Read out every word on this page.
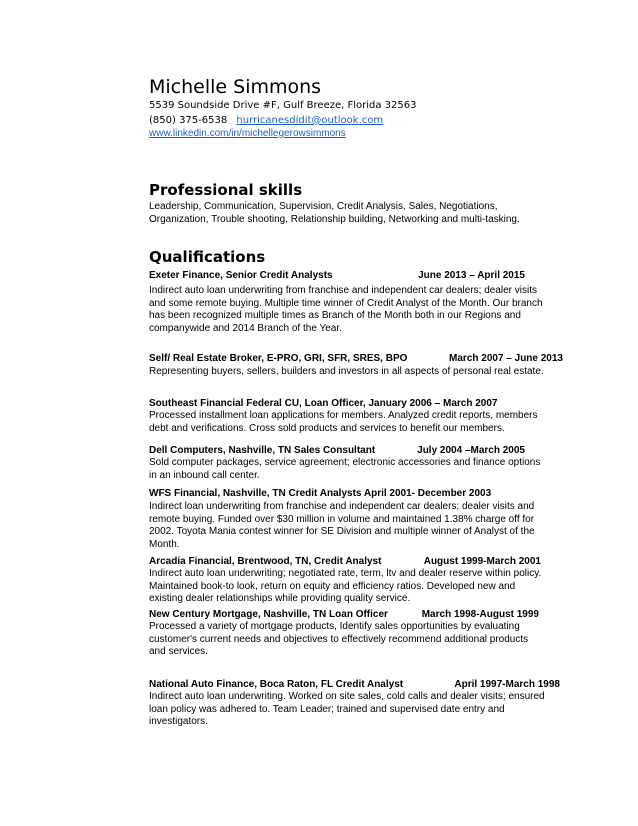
Michelle Simmons
5539 Soundside Drive #F, Gulf Breeze, Florida 32563
(850) 375-6538 hurricanesdidit@outlook.com
www.linkedin.com/in/michellegerowsimmons
Professional skills
Leadership, Communication, Supervision, Credit Analysis, Sales, Negotiations,
Organization, Trouble shooting, Relationship building, Networking and multi-tasking.
Qualifications
Exeter Finance, Senior Credit Analysts	June 2013 – April 2015
Indirect auto loan underwriting from franchise and independent car dealers; dealer visits
and some remote buying. Multiple time winner of Credit Analyst of the Month. Our branch
has been recognized multiple times as Branch of the Month both in our Regions and
companywide and 2014 Branch of the Year.
Self/ Real Estate Broker, E-PRO, GRI, SFR, SRES, BPO	March 2007 – June 2013
Representing buyers, sellers, builders and investors in all aspects of personal real estate.
Southeast Financial Federal CU, Loan Officer, January 2006 – March 2007
Processed installment loan applications for members. Analyzed credit reports, members
debt and verifications. Cross sold products and services to benefit our members.
Dell Computers, Nashville, TN Sales Consultant	July 2004 –March 2005
Sold computer packages, service agreement; electronic accessories and finance options
in an inbound call center.
WFS Financial, Nashville, TN Credit Analysts April 2001- December 2003
Indirect loan underwriting from franchise and independent car dealers; dealer visits and
remote buying. Funded over $30 million in volume and maintained 1.38% charge off for
2002. Toyota Mania contest winner for SE Division and multiple winner of Analyst of the
Month.
Arcadia Financial, Brentwood, TN, Credit Analyst	August 1999-March 2001
Indirect auto loan underwriting; negotiated rate, term, ltv and dealer reserve within policy.
Maintained book-to look, return on equity and efficiency ratios. Developed new and
existing dealer relationships while providing quality service.
New Century Mortgage, Nashville, TN Loan Officer	March 1998-August 1999
Processed a variety of mortgage products, Identify sales opportunities by evaluating
customer's current needs and objectives to effectively recommend additional products
and services.
National Auto Finance, Boca Raton, FL Credit Analyst	April 1997-March 1998
Indirect auto loan underwriting. Worked on site sales, cold calls and dealer visits; ensured
loan policy was adhered to. Team Leader; trained and supervised date entry and
investigators.
